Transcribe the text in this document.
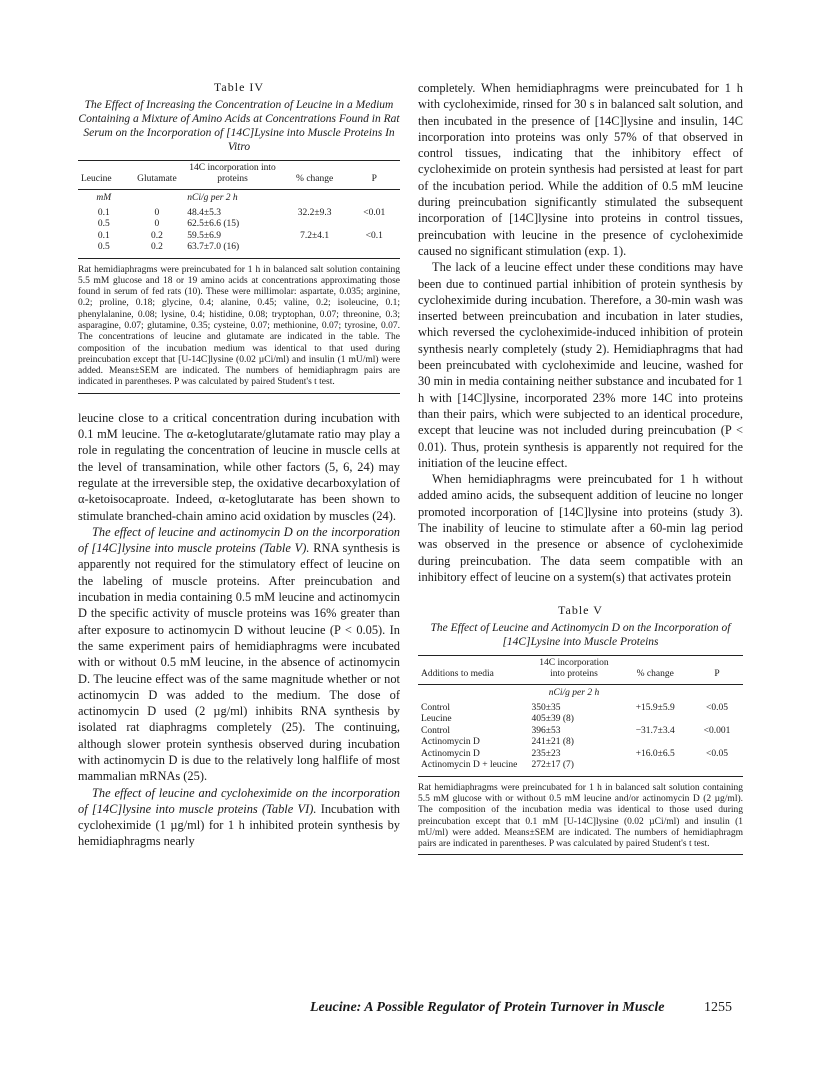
Table IV

The Effect of Increasing the Concentration of Leucine in a Medium Containing a Mixture of Amino Acids at Concentrations Found in Rat Serum on the Incorporation of [14C]Lysine into Muscle Proteins In Vitro

Leucine	Glutamate	14C incorporation into proteins	% change	P
mM		nCi/g per 2 h		
0.1	0	48.4±5.3	32.2±9.3	<0.01
0.5	0	62.5±6.6 (15)		
0.1	0.2	59.5±6.9	7.2±4.1	<0.1
0.5	0.2	63.7±7.0 (16)		

Rat hemidiaphragms were preincubated for 1 h in balanced salt solution containing 5.5 mM glucose and 18 or 19 amino acids at concentrations approximating those found in serum of fed rats (10). These were millimolar: aspartate, 0.035; arginine, 0.2; proline, 0.18; glycine, 0.4; alanine, 0.45; valine, 0.2; isoleucine, 0.1; phenylalanine, 0.08; lysine, 0.4; histidine, 0.08; tryptophan, 0.07; threonine, 0.3; asparagine, 0.07; glutamine, 0.35; cysteine, 0.07; methionine, 0.07; tyrosine, 0.07. The concentrations of leucine and glutamate are indicated in the table. The composition of the incubation medium was identical to that used during preincubation except that [U-14C]lysine (0.02 µCi/ml) and insulin (1 mU/ml) were added. Means±SEM are indicated. The numbers of hemidiaphragm pairs are indicated in parentheses. P was calculated by paired Student's t test.

leucine close to a critical concentration during incubation with 0.1 mM leucine. The α-ketoglutarate/glutamate ratio may play a role in regulating the concentration of leucine in muscle cells at the level of transamination, while other factors (5, 6, 24) may regulate at the irreversible step, the oxidative decarboxylation of α-ketoisocaproate. Indeed, α-ketoglutarate has been shown to stimulate branched-chain amino acid oxidation by muscles (24).

The effect of leucine and actinomycin D on the incorporation of [14C]lysine into muscle proteins (Table V). RNA synthesis is apparently not required for the stimulatory effect of leucine on the labeling of muscle proteins. After preincubation and incubation in media containing 0.5 mM leucine and actinomycin D the specific activity of muscle proteins was 16% greater than after exposure to actinomycin D without leucine (P < 0.05). In the same experiment pairs of hemidiaphragms were incubated with or without 0.5 mM leucine, in the absence of actinomycin D. The leucine effect was of the same magnitude whether or not actinomycin D was added to the medium. The dose of actinomycin D used (2 µg/ml) inhibits RNA synthesis by isolated rat diaphragms completely (25). The continuing, although slower protein synthesis observed during incubation with actinomycin D is due to the relatively long halflife of most mammalian mRNAs (25).

The effect of leucine and cycloheximide on the incorporation of [14C]lysine into muscle proteins (Table VI). Incubation with cycloheximide (1 µg/ml) for 1 h inhibited protein synthesis by hemidiaphragms nearly

completely. When hemidiaphragms were preincubated for 1 h with cycloheximide, rinsed for 30 s in balanced salt solution, and then incubated in the presence of [14C]lysine and insulin, 14C incorporation into proteins was only 57% of that observed in control tissues, indicating that the inhibitory effect of cycloheximide on protein synthesis had persisted at least for part of the incubation period. While the addition of 0.5 mM leucine during preincubation significantly stimulated the subsequent incorporation of [14C]lysine into proteins in control tissues, preincubation with leucine in the presence of cycloheximide caused no significant stimulation (exp. 1).

The lack of a leucine effect under these conditions may have been due to continued partial inhibition of protein synthesis by cycloheximide during incubation. Therefore, a 30-min wash was inserted between preincubation and incubation in later studies, which reversed the cycloheximide-induced inhibition of protein synthesis nearly completely (study 2). Hemidiaphragms that had been preincubated with cycloheximide and leucine, washed for 30 min in media containing neither substance and incubated for 1 h with [14C]lysine, incorporated 23% more 14C into proteins than their pairs, which were subjected to an identical procedure, except that leucine was not included during preincubation (P < 0.01). Thus, protein synthesis is apparently not required for the initiation of the leucine effect.

When hemidiaphragms were preincubated for 1 h without added amino acids, the subsequent addition of leucine no longer promoted incorporation of [14C]lysine into proteins (study 3). The inability of leucine to stimulate after a 60-min lag period was observed in the presence or absence of cycloheximide during preincubation. The data seem compatible with an inhibitory effect of leucine on a system(s) that activates protein

Table V

The Effect of Leucine and Actinomycin D on the Incorporation of [14C]Lysine into Muscle Proteins

Additions to media	14C incorporation into proteins	% change	P
	nCi/g per 2 h		
Control	350±35	+15.9±5.9	<0.05
Leucine	405±39 (8)		
Control	396±53	−31.7±3.4	<0.001
Actinomycin D	241±21 (8)		
Actinomycin D	235±23	+16.0±6.5	<0.05
Actinomycin D + leucine	272±17 (7)		

Rat hemidiaphragms were preincubated for 1 h in balanced salt solution containing 5.5 mM glucose with or without 0.5 mM leucine and/or actinomycin D (2 µg/ml). The composition of the incubation media was identical to those used during preincubation except that 0.1 mM [U-14C]lysine (0.02 µCi/ml) and insulin (1 mU/ml) were added. Means±SEM are indicated. The numbers of hemidiaphragm pairs are indicated in parentheses. P was calculated by paired Student's t test.

Leucine: A Possible Regulator of Protein Turnover in Muscle	1255
